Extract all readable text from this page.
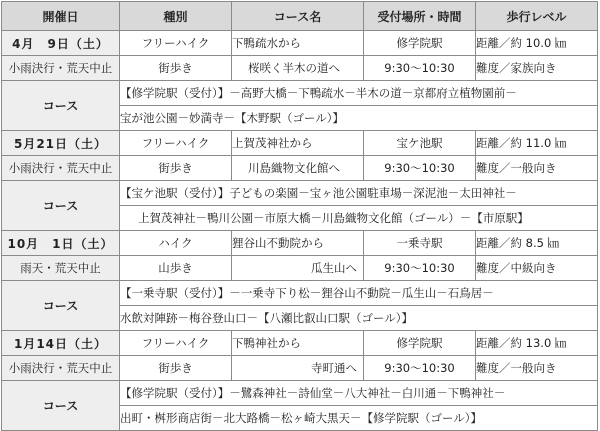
開催日	種別	コース名	受付場所・時間	歩行レベル
4月　9日（土）	フリーハイク	下鴨疏水から	修学院駅	距離／約 10.0 ㎞
小雨決行・荒天中止	街歩き	桜咲く半木の道へ	9:30〜10:30	難度／家族向き
コース	【修学院駅（受付）】－高野大橋－下鴨疏水－半木の道－京都府立植物園前－			
	宝が池公園－妙満寺－【木野駅（ゴール）】			
5月21日（土）	フリーハイク	上賀茂神社から	宝ケ池駅	距離／約 11.0 ㎞
小雨決行・荒天中止	街歩き	川島織物文化館へ	9:30〜10:30	難度／一般向き
コース	【宝ケ池駅（受付）】子どもの楽園－宝ヶ池公園駐車場－深泥池－太田神社－			
	上賀茂神社－鴨川公園－市原大橋－川島織物文化館（ゴール）－【市原駅】			
10月　1日（土）	ハイク	狸谷山不動院から	一乗寺駅	距離／約 8.5 ㎞
雨天・荒天中止	山歩き	瓜生山へ	9:30〜10:30	難度／中級向き
コース	【一乗寺駅（受付）】－一乗寺下り松－狸谷山不動院－瓜生山－石鳥居－			
	水飲対陣跡－梅谷登山口－【八瀬比叡山口駅（ゴール）】			
1月14日（土）	フリーハイク	下鴨神社から	修学院駅	距離／約 13.0 ㎞
小雨決行・荒天中止	街歩き	寺町通へ	9:30〜10:30	難度／一般向き
コース	【修学院駅（受付）】－鷺森神社－詩仙堂－八大神社－白川通－下鴨神社－			
	出町・桝形商店街－北大路橋－松ヶ崎大黒天－【修学院駅（ゴール）】			
